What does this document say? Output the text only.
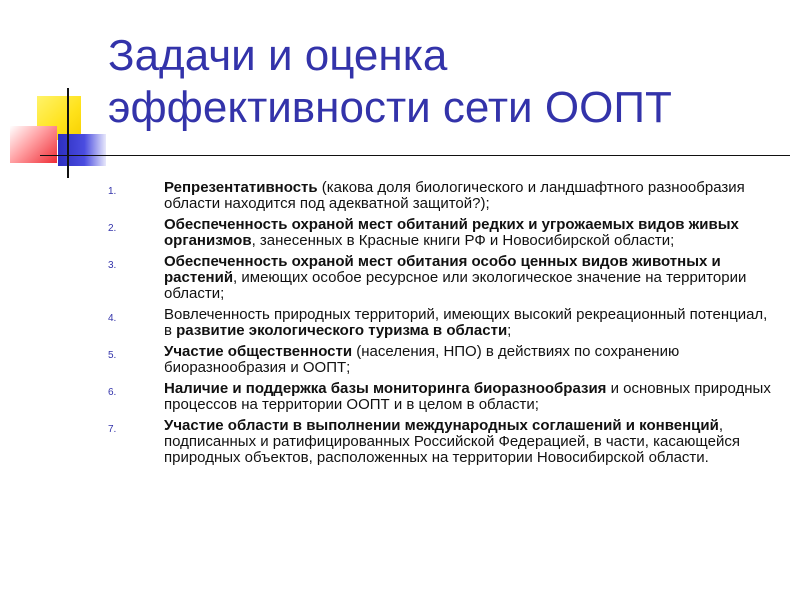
Задачи и оценка эффективности сети ООПТ
1.	Репрезентативность (какова доля биологического и ландшафтного разнообразия области находится под адекватной защитой?);
2.	Обеспеченность охраной мест обитаний редких и угрожаемых видов живых организмов, занесенных в Красные книги РФ и Новосибирской области;
3.	Обеспеченность охраной мест обитания особо ценных видов животных и растений, имеющих особое ресурсное или экологическое значение на территории области;
4.	Вовлеченность природных территорий, имеющих высокий рекреационный потенциал, в развитие экологического туризма в области;
5.	Участие общественности (населения, НПО) в действиях по сохранению биоразнообразия и ООПТ;
6.	Наличие и поддержка базы мониторинга биоразнообразия и основных природных процессов на территории ООПТ и в целом в области;
7.	Участие области в выполнении международных соглашений и конвенций, подписанных и ратифицированных Российской Федерацией, в части, касающейся природных объектов, расположенных на территории Новосибирской области.
